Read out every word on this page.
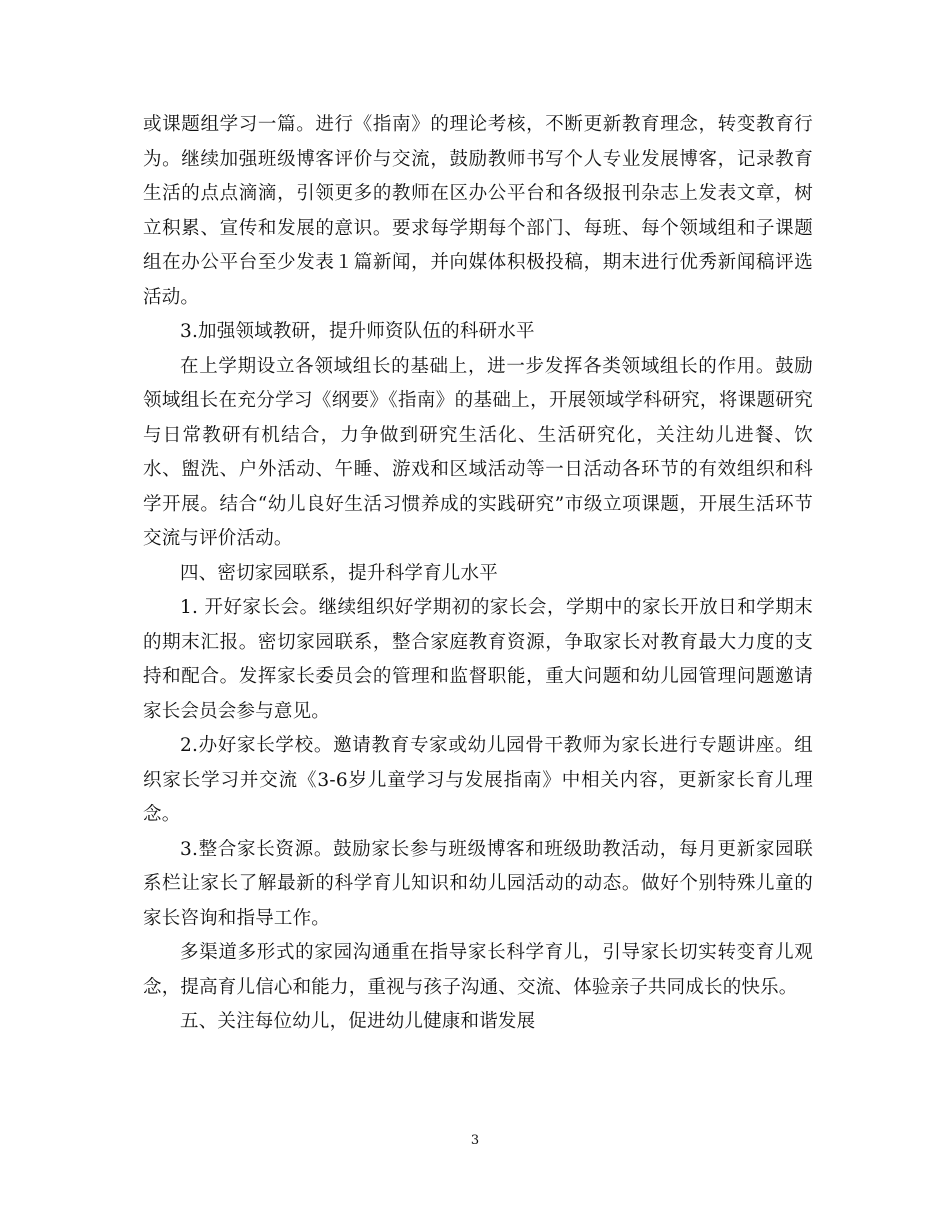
或课题组学习一篇。进行《指南》的理论考核，不断更新教育理念，转变教育行为。继续加强班级博客评价与交流，鼓励教师书写个人专业发展博客，记录教育生活的点点滴滴，引领更多的教师在区办公平台和各级报刊杂志上发表文章，树立积累、宣传和发展的意识。要求每学期每个部门、每班、每个领域组和子课题组在办公平台至少发表１篇新闻，并向媒体积极投稿，期末进行优秀新闻稿评选活动。

3.加强领域教研，提升师资队伍的科研水平

在上学期设立各领域组长的基础上，进一步发挥各类领域组长的作用。鼓励领域组长在充分学习《纲要》《指南》的基础上，开展领域学科研究，将课题研究与日常教研有机结合，力争做到研究生活化、生活研究化，关注幼儿进餐、饮水、盥洗、户外活动、午睡、游戏和区域活动等一日活动各环节的有效组织和科学开展。结合“幼儿良好生活习惯养成的实践研究”市级立项课题，开展生活环节交流与评价活动。

四、密切家园联系，提升科学育儿水平

1. 开好家长会。继续组织好学期初的家长会，学期中的家长开放日和学期末的期末汇报。密切家园联系，整合家庭教育资源，争取家长对教育最大力度的支持和配合。发挥家长委员会的管理和监督职能，重大问题和幼儿园管理问题邀请家长会员会参与意见。

2.办好家长学校。邀请教育专家或幼儿园骨干教师为家长进行专题讲座。组织家长学习并交流《3-6岁儿童学习与发展指南》中相关内容，更新家长育儿理念。

3.整合家长资源。鼓励家长参与班级博客和班级助教活动，每月更新家园联系栏让家长了解最新的科学育儿知识和幼儿园活动的动态。做好个别特殊儿童的家长咨询和指导工作。

多渠道多形式的家园沟通重在指导家长科学育儿，引导家长切实转变育儿观念，提高育儿信心和能力，重视与孩子沟通、交流、体验亲子共同成长的快乐。

五、关注每位幼儿，促进幼儿健康和谐发展

3
